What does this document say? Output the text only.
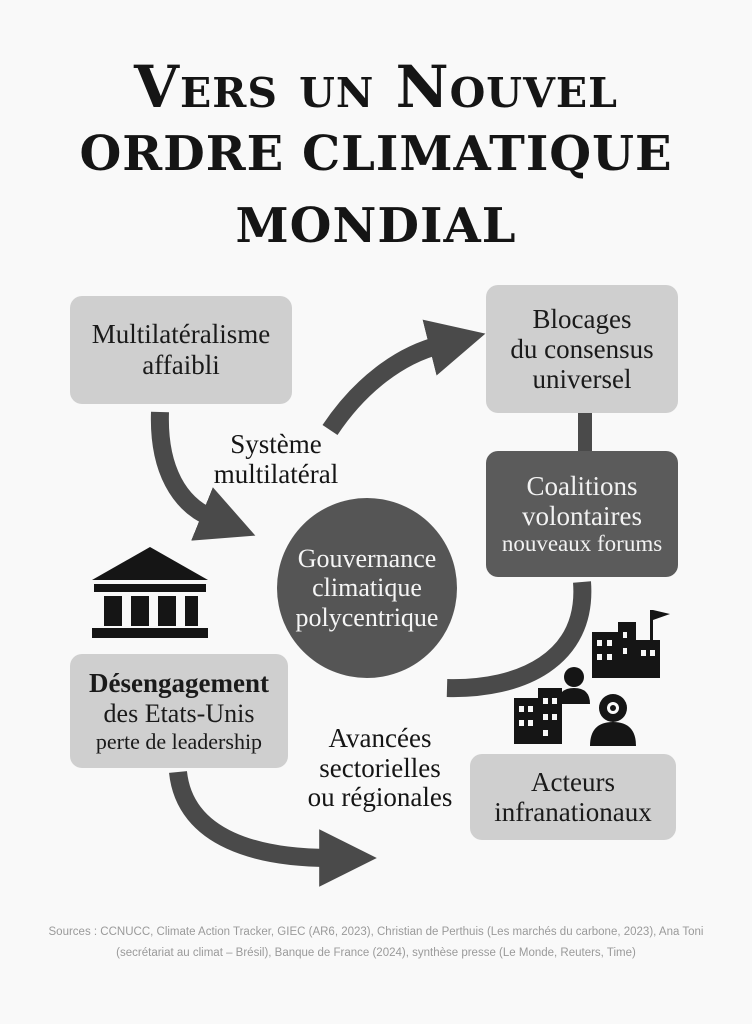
Vers un Nouvel
ORDRE CLIMATIQUE
MONDIAL
Multilatéralisme
affaibli
Blocages
du consensus
universel
Coalitions
volontaires
nouveaux forums
Gouvernance
climatique
polycentrique
Désengagement
des Etats-Unis
perte de leadership
Acteurs
infranationaux
Système
multilatéral
Avancées
sectorielles
ou régionales
Sources : CCNUCC, Climate Action Tracker, GIEC (AR6, 2023), Christian de Perthuis (Les marchés du carbone, 2023), Ana Toni
(secrétariat au climat – Brésil), Banque de France (2024), synthèse presse (Le Monde, Reuters, Time)
